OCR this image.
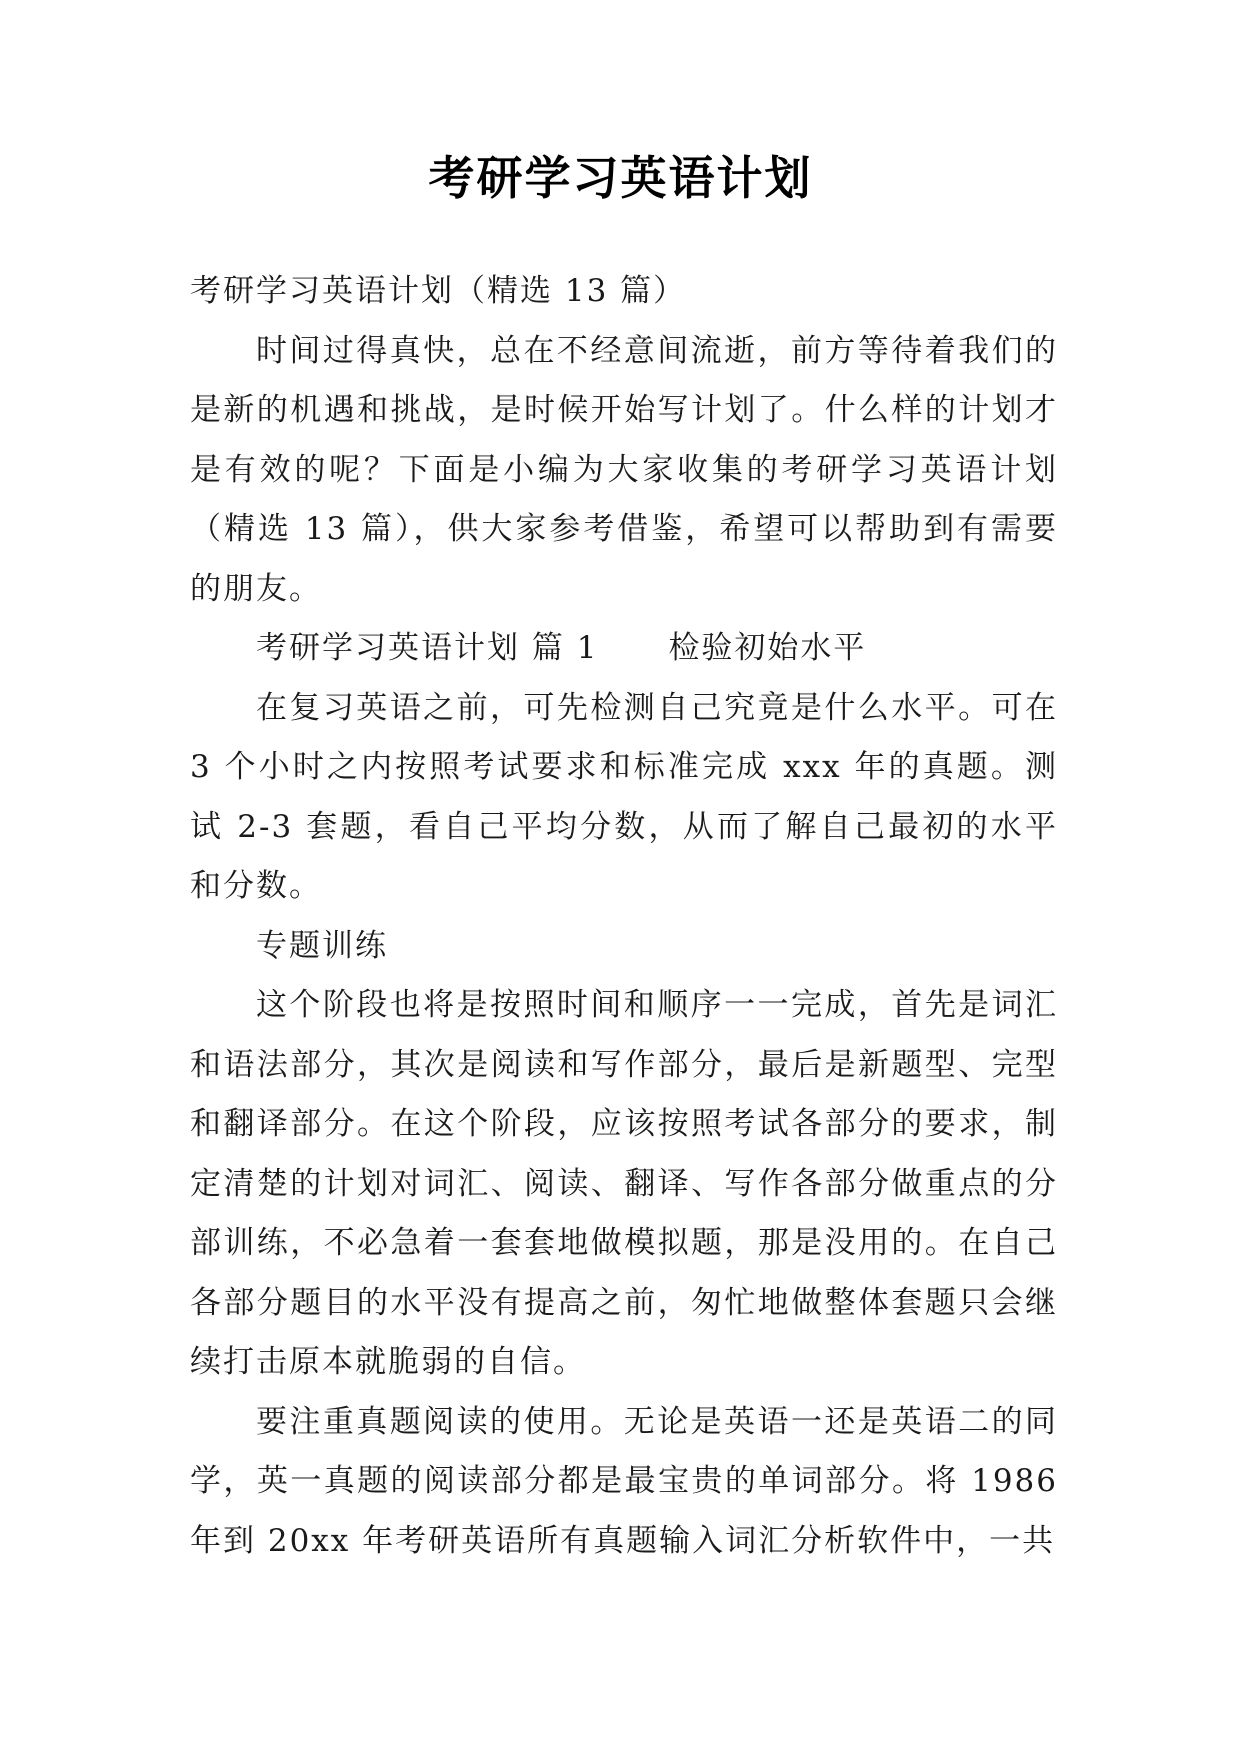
考研学习英语计划

考研学习英语计划（精选 13 篇）

时间过得真快，总在不经意间流逝，前方等待着我们的是新的机遇和挑战，是时候开始写计划了。什么样的计划才是有效的呢？下面是小编为大家收集的考研学习英语计划（精选 13 篇），供大家参考借鉴，希望可以帮助到有需要的朋友。

考研学习英语计划 篇 1 检验初始水平

在复习英语之前，可先检测自己究竟是什么水平。可在 3 个小时之内按照考试要求和标准完成 xxx 年的真题。测试 2-3 套题，看自己平均分数，从而了解自己最初的水平和分数。

专题训练

这个阶段也将是按照时间和顺序一一完成，首先是词汇和语法部分，其次是阅读和写作部分，最后是新题型、完型和翻译部分。在这个阶段，应该按照考试各部分的要求，制定清楚的计划对词汇、阅读、翻译、写作各部分做重点的分部训练，不必急着一套套地做模拟题，那是没用的。在自己各部分题目的水平没有提高之前，匆忙地做整体套题只会继续打击原本就脆弱的自信。

要注重真题阅读的使用。无论是英语一还是英语二的同学，英一真题的阅读部分都是最宝贵的单词部分。将 1986 年到 20xx 年考研英语所有真题输入词汇分析软件中，一共
